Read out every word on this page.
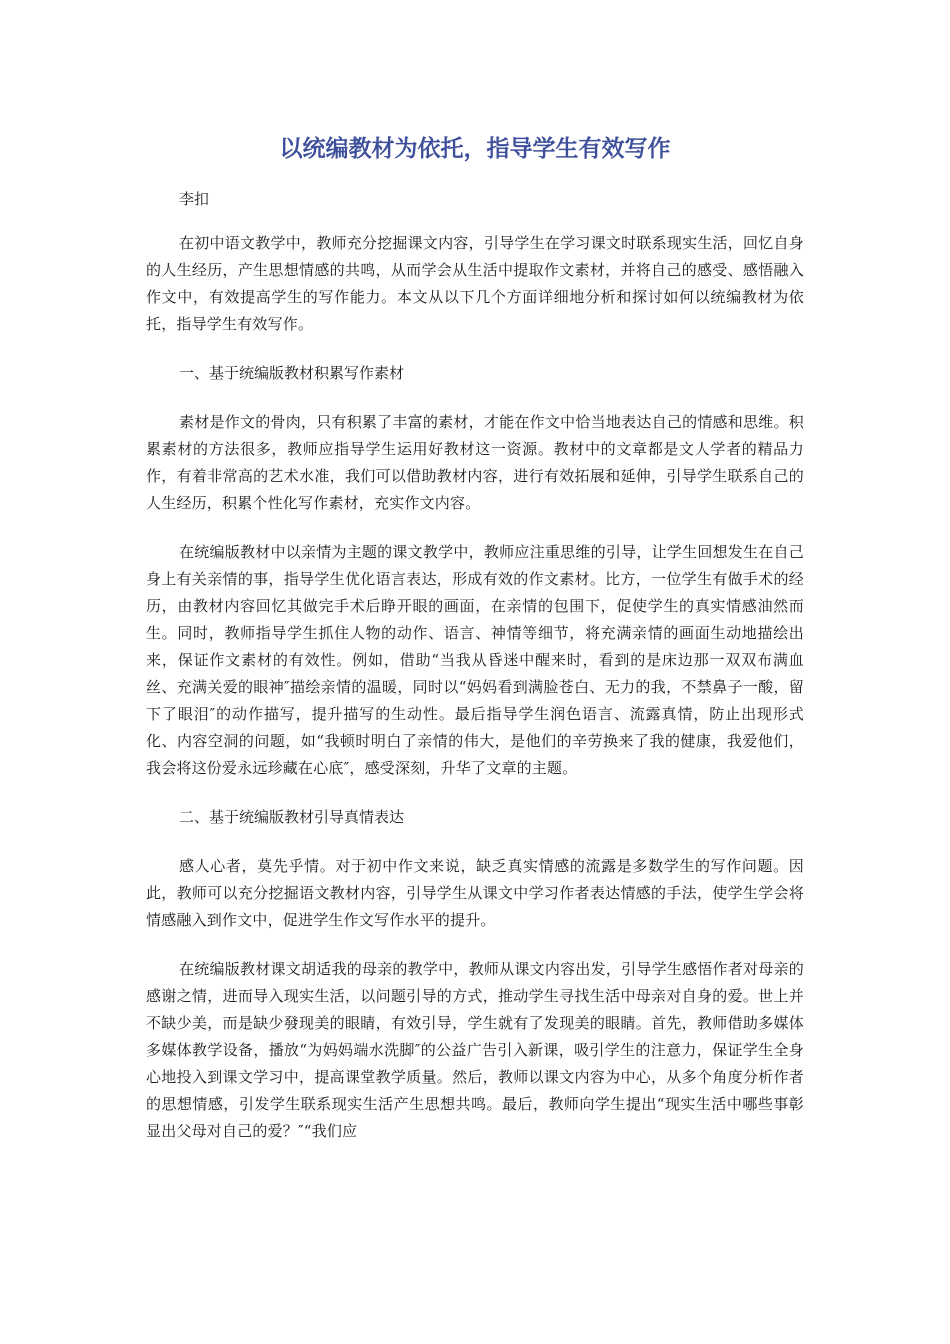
以统编教材为依托，指导学生有效写作

李扣

在初中语文教学中，教师充分挖掘课文内容，引导学生在学习课文时联系现实生活，回忆自身的人生经历，产生思想情感的共鸣，从而学会从生活中提取作文素材，并将自己的感受、感悟融入作文中，有效提高学生的写作能力。本文从以下几个方面详细地分析和探讨如何以统编教材为依托，指导学生有效写作。

一、基于统编版教材积累写作素材

素材是作文的骨肉，只有积累了丰富的素材，才能在作文中恰当地表达自己的情感和思维。积累素材的方法很多，教师应指导学生运用好教材这一资源。教材中的文章都是文人学者的精品力作，有着非常高的艺术水准，我们可以借助教材内容，进行有效拓展和延伸，引导学生联系自己的人生经历，积累个性化写作素材，充实作文内容。

在统编版教材中以亲情为主题的课文教学中，教师应注重思维的引导，让学生回想发生在自己身上有关亲情的事，指导学生优化语言表达，形成有效的作文素材。比方，一位学生有做手术的经历，由教材内容回忆其做完手术后睁开眼的画面，在亲情的包围下，促使学生的真实情感油然而生。同时，教师指导学生抓住人物的动作、语言、神情等细节，将充满亲情的画面生动地描绘出来，保证作文素材的有效性。例如，借助“当我从昏迷中醒来时，看到的是床边那一双双布满血丝、充满关爱的眼神″描绘亲情的温暖，同时以“妈妈看到满脸苍白、无力的我，不禁鼻子一酸，留下了眼泪″的动作描写，提升描写的生动性。最后指导学生润色语言、流露真情，防止出现形式化、内容空洞的问题，如“我顿时明白了亲情的伟大，是他们的辛劳换来了我的健康，我爱他们，我会将这份爱永远珍藏在心底″，感受深刻，升华了文章的主题。

二、基于统编版教材引导真情表达

感人心者，莫先乎情。对于初中作文来说，缺乏真实情感的流露是多数学生的写作问题。因此，教师可以充分挖掘语文教材内容，引导学生从课文中学习作者表达情感的手法，使学生学会将情感融入到作文中，促进学生作文写作水平的提升。

在统编版教材课文胡适我的母亲的教学中，教师从课文内容出发，引导学生感悟作者对母亲的感谢之情，进而导入现实生活，以问题引导的方式，推动学生寻找生活中母亲对自身的爱。世上并不缺少美，而是缺少發现美的眼睛，有效引导，学生就有了发现美的眼睛。首先，教师借助多媒体多媒体教学设备，播放“为妈妈端水洗脚″的公益广告引入新课，吸引学生的注意力，保证学生全身心地投入到课文学习中，提高课堂教学质量。然后，教师以课文内容为中心，从多个角度分析作者的思想情感，引发学生联系现实生活产生思想共鸣。最后，教师向学生提出“现实生活中哪些事彰显出父母对自己的爱？″“我们应
